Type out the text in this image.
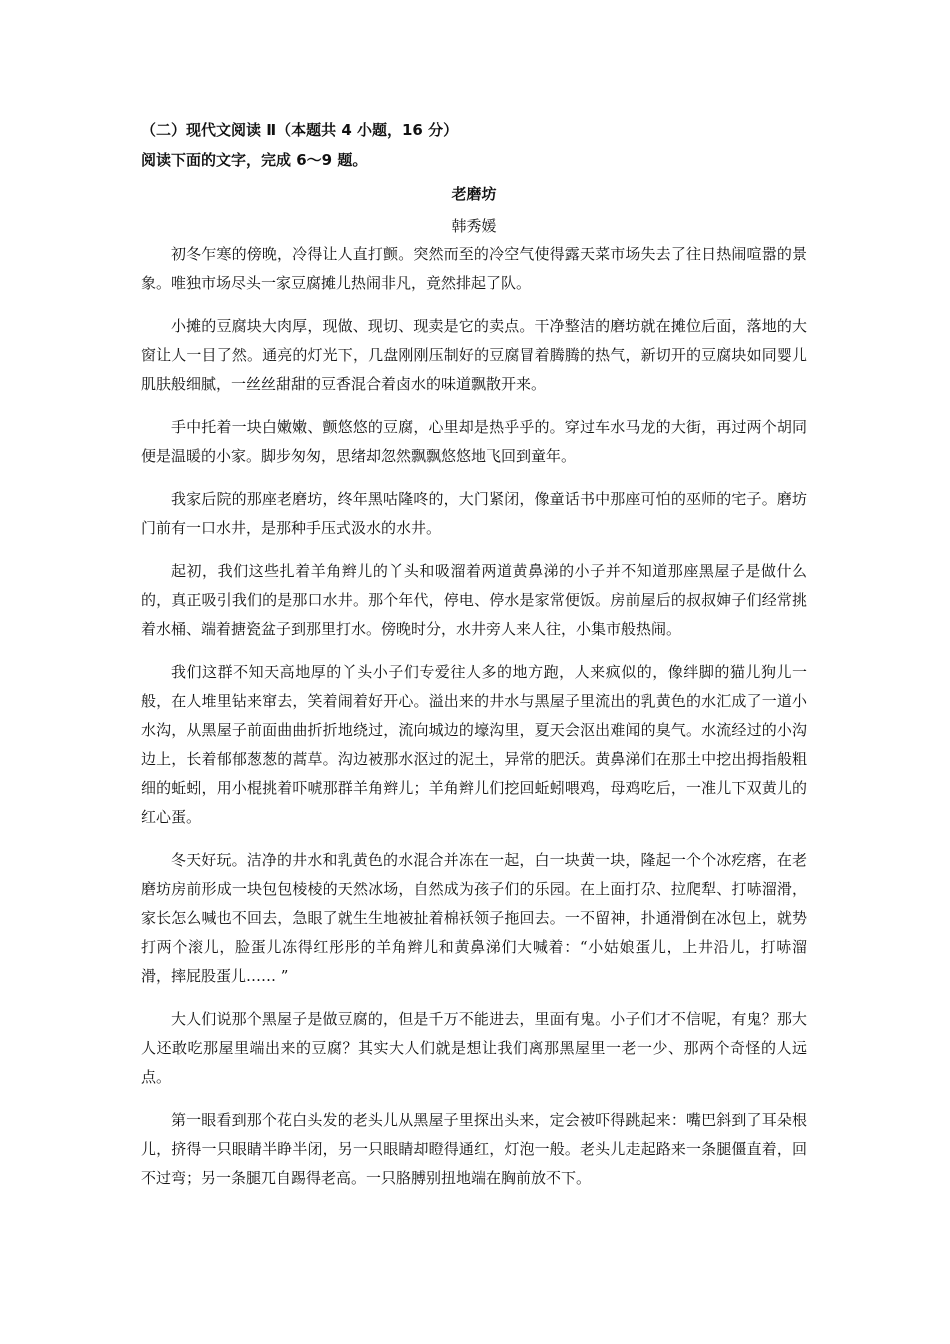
（二）现代文阅读 Ⅱ（本题共 4 小题，16 分）

阅读下面的文字，完成 6～9 题。

老磨坊

韩秀媛

初冬乍寒的傍晚，冷得让人直打颤。突然而至的冷空气使得露天菜市场失去了往日热闹喧嚣的景象。唯独市场尽头一家豆腐摊儿热闹非凡，竟然排起了队。

小摊的豆腐块大肉厚，现做、现切、现卖是它的卖点。干净整洁的磨坊就在摊位后面，落地的大窗让人一目了然。通亮的灯光下，几盘刚刚压制好的豆腐冒着腾腾的热气，新切开的豆腐块如同婴儿肌肤般细腻，一丝丝甜甜的豆香混合着卤水的味道飘散开来。

手中托着一块白嫩嫩、颤悠悠的豆腐，心里却是热乎乎的。穿过车水马龙的大街，再过两个胡同便是温暖的小家。脚步匆匆，思绪却忽然飘飘悠悠地飞回到童年。

我家后院的那座老磨坊，终年黑咕隆咚的，大门紧闭，像童话书中那座可怕的巫师的宅子。磨坊门前有一口水井，是那种手压式汲水的水井。

起初，我们这些扎着羊角辫儿的丫头和吸溜着两道黄鼻涕的小子并不知道那座黑屋子是做什么的，真正吸引我们的是那口水井。那个年代，停电、停水是家常便饭。房前屋后的叔叔婶子们经常挑着水桶、端着搪瓷盆子到那里打水。傍晚时分，水井旁人来人往，小集市般热闹。

我们这群不知天高地厚的丫头小子们专爱往人多的地方跑，人来疯似的，像绊脚的猫儿狗儿一般，在人堆里钻来窜去，笑着闹着好开心。溢出来的井水与黑屋子里流出的乳黄色的水汇成了一道小水沟，从黑屋子前面曲曲折折地绕过，流向城边的壕沟里，夏天会沤出难闻的臭气。水流经过的小沟边上，长着郁郁葱葱的蒿草。沟边被那水沤过的泥土，异常的肥沃。黄鼻涕们在那土中挖出拇指般粗细的蚯蚓，用小棍挑着吓唬那群羊角辫儿；羊角辫儿们挖回蚯蚓喂鸡，母鸡吃后，一准儿下双黄儿的红心蛋。

冬天好玩。洁净的井水和乳黄色的水混合并冻在一起，白一块黄一块，隆起一个个冰疙瘩，在老磨坊房前形成一块包包棱棱的天然冰场，自然成为孩子们的乐园。在上面打尕、拉爬犁、打哧溜滑，家长怎么喊也不回去，急眼了就生生地被扯着棉袄领子拖回去。一不留神，扑通滑倒在冰包上，就势打两个滚儿，脸蛋儿冻得红彤彤的羊角辫儿和黄鼻涕们大喊着：“小姑娘蛋儿，上井沿儿，打哧溜滑，摔屁股蛋儿…… ”

大人们说那个黑屋子是做豆腐的，但是千万不能进去，里面有鬼。小子们才不信呢，有鬼？那大人还敢吃那屋里端出来的豆腐？其实大人们就是想让我们离那黑屋里一老一少、那两个奇怪的人远点。

第一眼看到那个花白头发的老头儿从黑屋子里探出头来，定会被吓得跳起来：嘴巴斜到了耳朵根儿，挤得一只眼睛半睁半闭，另一只眼睛却瞪得通红，灯泡一般。老头儿走起路来一条腿僵直着，回不过弯；另一条腿兀自踢得老高。一只胳膊别扭地端在胸前放不下。
